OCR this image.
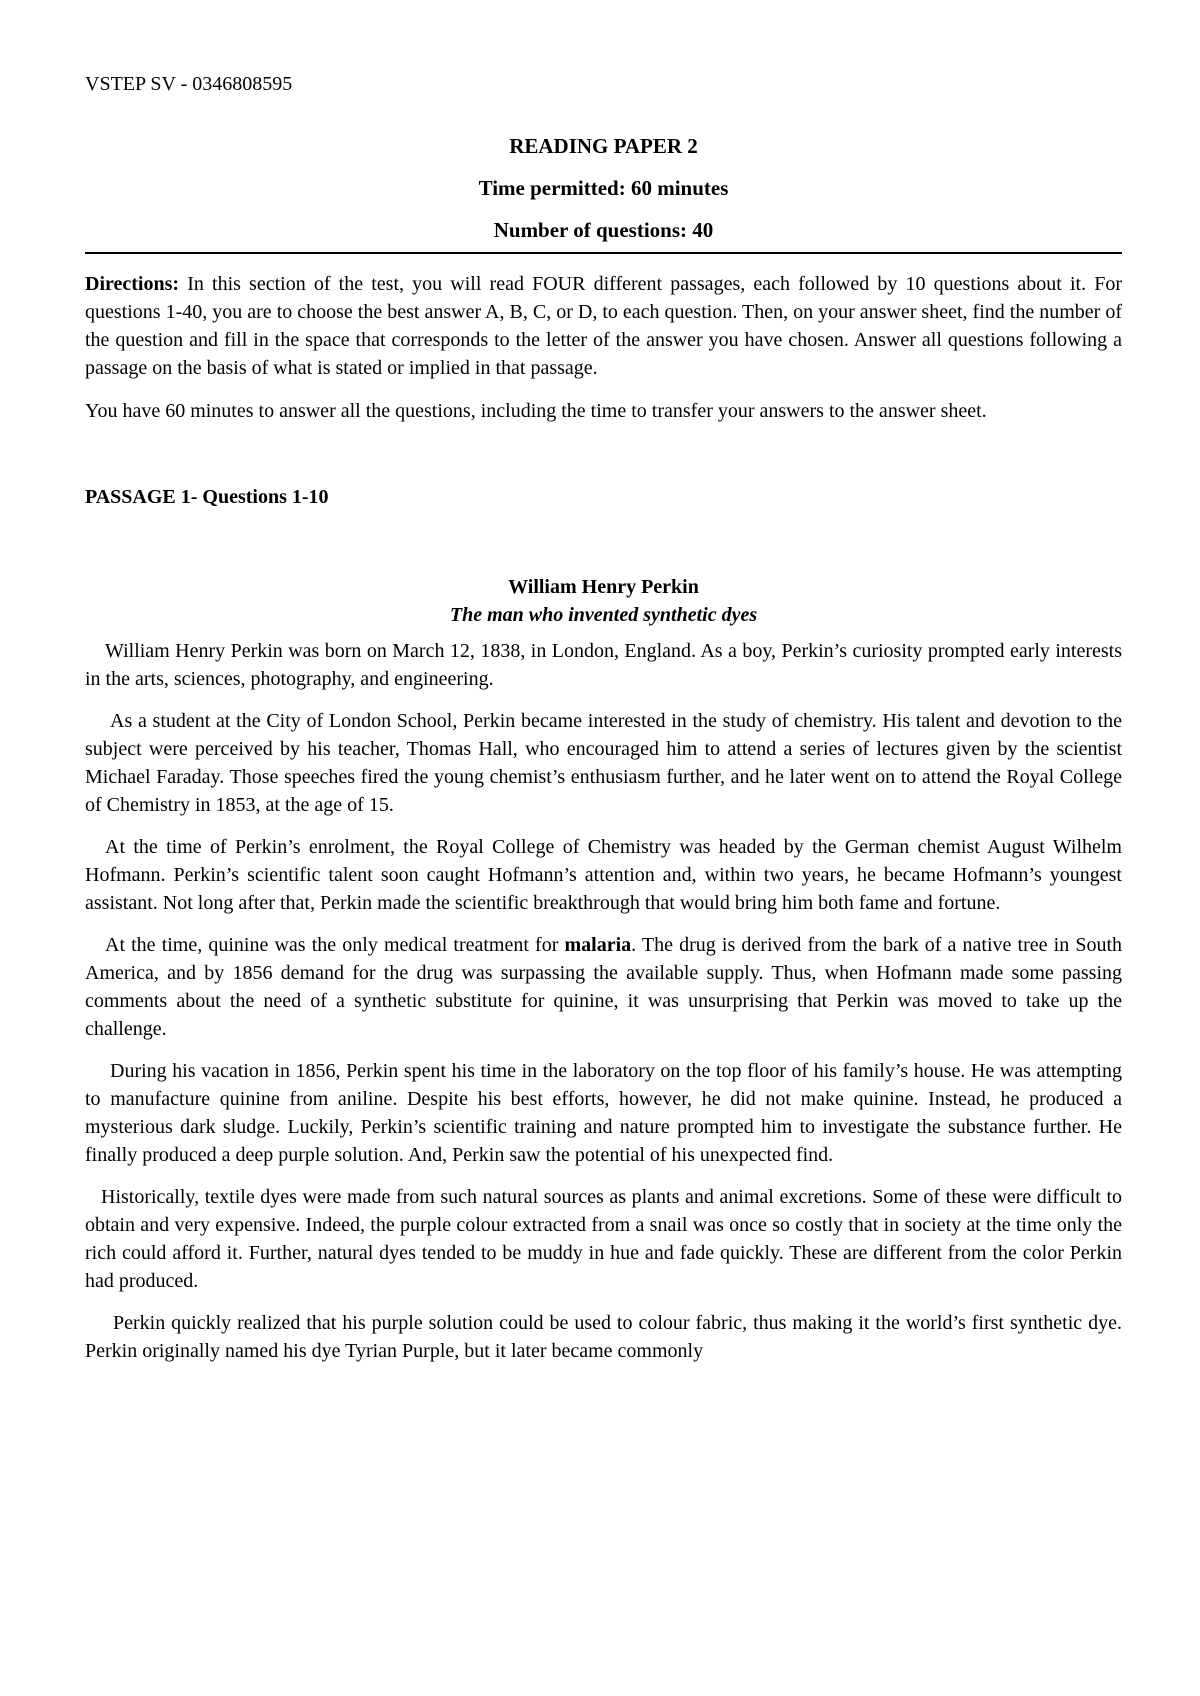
VSTEP SV - 0346808595
READING PAPER 2
Time permitted: 60 minutes
Number of questions: 40

Directions: In this section of the test, you will read FOUR different passages, each followed by 10 questions about it. For questions 1-40, you are to choose the best answer A, B, C, or D, to each question. Then, on your answer sheet, find the number of the question and fill in the space that corresponds to the letter of the answer you have chosen. Answer all questions following a passage on the basis of what is stated or implied in that passage.

You have 60 minutes to answer all the questions, including the time to transfer your answers to the answer sheet.

PASSAGE 1- Questions 1-10
William Henry Perkin
The man who invented synthetic dyes

William Henry Perkin was born on March 12, 1838, in London, England. As a boy, Perkin’s curiosity prompted early interests in the arts, sciences, photography, and engineering.

As a student at the City of London School, Perkin became interested in the study of chemistry. His talent and devotion to the subject were perceived by his teacher, Thomas Hall, who encouraged him to attend a series of lectures given by the scientist Michael Faraday. Those speeches fired the young chemist’s enthusiasm further, and he later went on to attend the Royal College of Chemistry in 1853, at the age of 15.

At the time of Perkin’s enrolment, the Royal College of Chemistry was headed by the German chemist August Wilhelm Hofmann. Perkin’s scientific talent soon caught Hofmann’s attention and, within two years, he became Hofmann’s youngest assistant. Not long after that, Perkin made the scientific breakthrough that would bring him both fame and fortune.

At the time, quinine was the only medical treatment for malaria. The drug is derived from the bark of a native tree in South America, and by 1856 demand for the drug was surpassing the available supply. Thus, when Hofmann made some passing comments about the need of a synthetic substitute for quinine, it was unsurprising that Perkin was moved to take up the challenge.

During his vacation in 1856, Perkin spent his time in the laboratory on the top floor of his family’s house. He was attempting to manufacture quinine from aniline. Despite his best efforts, however, he did not make quinine. Instead, he produced a mysterious dark sludge. Luckily, Perkin’s scientific training and nature prompted him to investigate the substance further. He finally produced a deep purple solution. And, Perkin saw the potential of his unexpected find.

Historically, textile dyes were made from such natural sources as plants and animal excretions. Some of these were difficult to obtain and very expensive. Indeed, the purple colour extracted from a snail was once so costly that in society at the time only the rich could afford it. Further, natural dyes tended to be muddy in hue and fade quickly. These are different from the color Perkin had produced.

Perkin quickly realized that his purple solution could be used to colour fabric, thus making it the world’s first synthetic dye. Perkin originally named his dye Tyrian Purple, but it later became commonly
